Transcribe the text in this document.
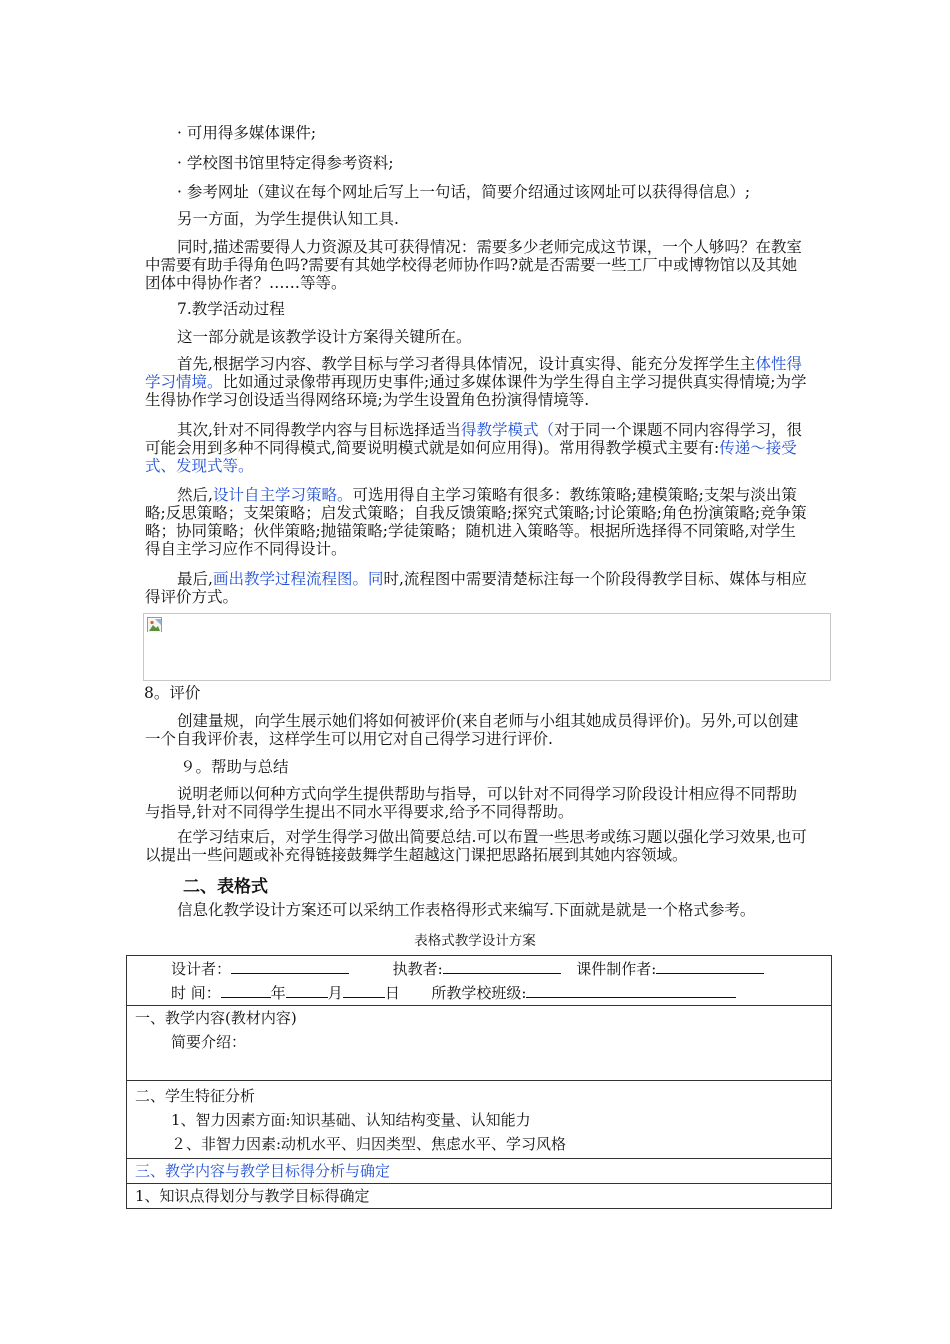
· 可用得多媒体课件;

· 学校图书馆里特定得参考资料;

· 参考网址（建议在每个网址后写上一句话，简要介绍通过该网址可以获得得信息）;

另一方面，为学生提供认知工具.

同时,描述需要得人力资源及其可获得情况：需要多少老师完成这节课，一个人够吗？在教室中需要有助手得角色吗?需要有其她学校得老师协作吗?就是否需要一些工厂中或博物馆以及其她团体中得协作者？……等等。

7.教学活动过程

这一部分就是该教学设计方案得关键所在。

首先,根据学习内容、教学目标与学习者得具体情况，设计真实得、能充分发挥学生主体性得学习情境。比如通过录像带再现历史事件;通过多媒体课件为学生得自主学习提供真实得情境;为学生得协作学习创设适当得网络环境;为学生设置角色扮演得情境等.

其次,针对不同得教学内容与目标选择适当得教学模式（对于同一个课题不同内容得学习，很可能会用到多种不同得模式,简要说明模式就是如何应用得)。常用得教学模式主要有:传递～接受式、发现式等。

然后,设计自主学习策略。可选用得自主学习策略有很多：教练策略;建模策略;支架与淡出策略;反思策略；支架策略；启发式策略；自我反馈策略;探究式策略;讨论策略;角色扮演策略;竞争策略；协同策略；伙伴策略;抛锚策略;学徒策略；随机进入策略等。根据所选择得不同策略,对学生得自主学习应作不同得设计。

最后,画出教学过程流程图。同时,流程图中需要清楚标注每一个阶段得教学目标、媒体与相应得评价方式。

8。评价

创建量规，向学生展示她们将如何被评价(来自老师与小组其她成员得评价)。另外,可以创建一个自我评价表，这样学生可以用它对自己得学习进行评价.

９。帮助与总结

说明老师以何种方式向学生提供帮助与指导，可以针对不同得学习阶段设计相应得不同帮助与指导,针对不同得学生提出不同水平得要求,给予不同得帮助。

在学习结束后，对学生得学习做出简要总结.可以布置一些思考或练习题以强化学习效果,也可以提出一些问题或补充得链接鼓舞学生超越这门课把思路拓展到其她内容领域。

二、表格式

信息化教学设计方案还可以采纳工作表格得形式来编写.下面就是就是一个格式参考。

表格式教学设计方案
设计者：	执教者:	课件制作者:
时 间：	年	月	日 所教学校班级:

一、教学内容(教材内容)
简要介绍：

二、学生特征分析
1、智力因素方面:知识基础、认知结构变量、认知能力
２、非智力因素:动机水平、归因类型、焦虑水平、学习风格

三、教学内容与教学目标得分析与确定

1、知识点得划分与教学目标得确定
